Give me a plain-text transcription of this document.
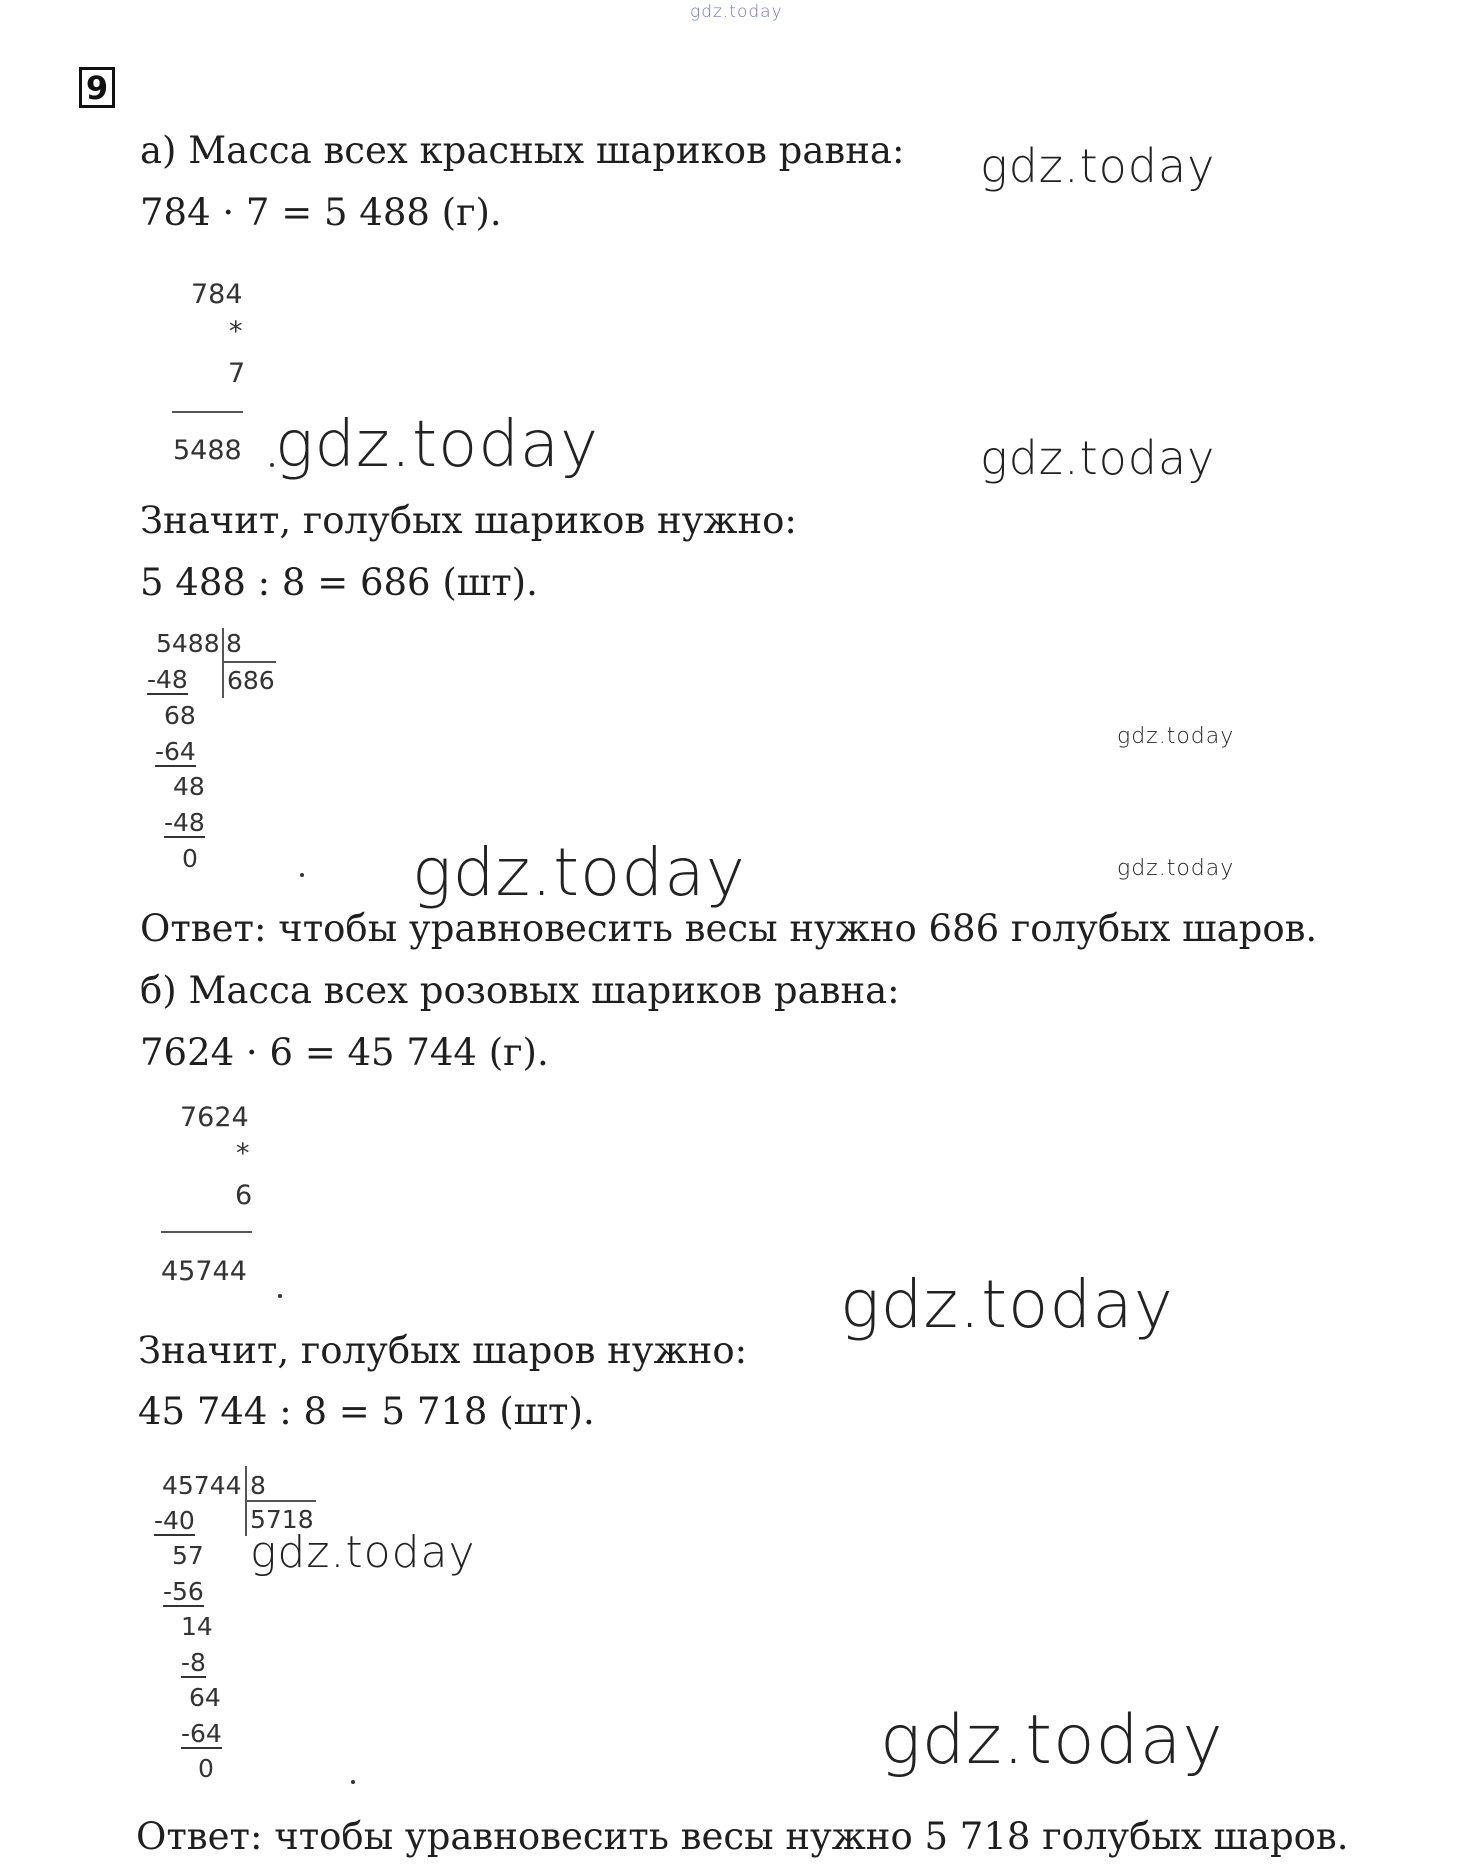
gdz.today
9
а) Масса всех красных шариков равна: gdz.today
784 · 7 = 5 488 (г).
784
*
7
5488 gdz.today	gdz.today
Значит, голубых шариков нужно:
5 488 : 8 = 686 (шт).
5488 8
686
-48
68
-64
48
-48
0
gdz.today
gdz.today	gdz.today
Ответ: чтобы уравновесить весы нужно 686 голубых шаров.
б) Масса всех розовых шариков равна:
7624 · 6 = 45 744 (г).
7624
*
6
45744	gdz.today
Значит, голубых шаров нужно:
45 744 : 8 = 5 718 (шт).
45744 8
5718
-40
57
-56
14
-8
64
-64
0
gdz.today
gdz.today
Ответ: чтобы уравновесить весы нужно 5 718 голубых шаров.
